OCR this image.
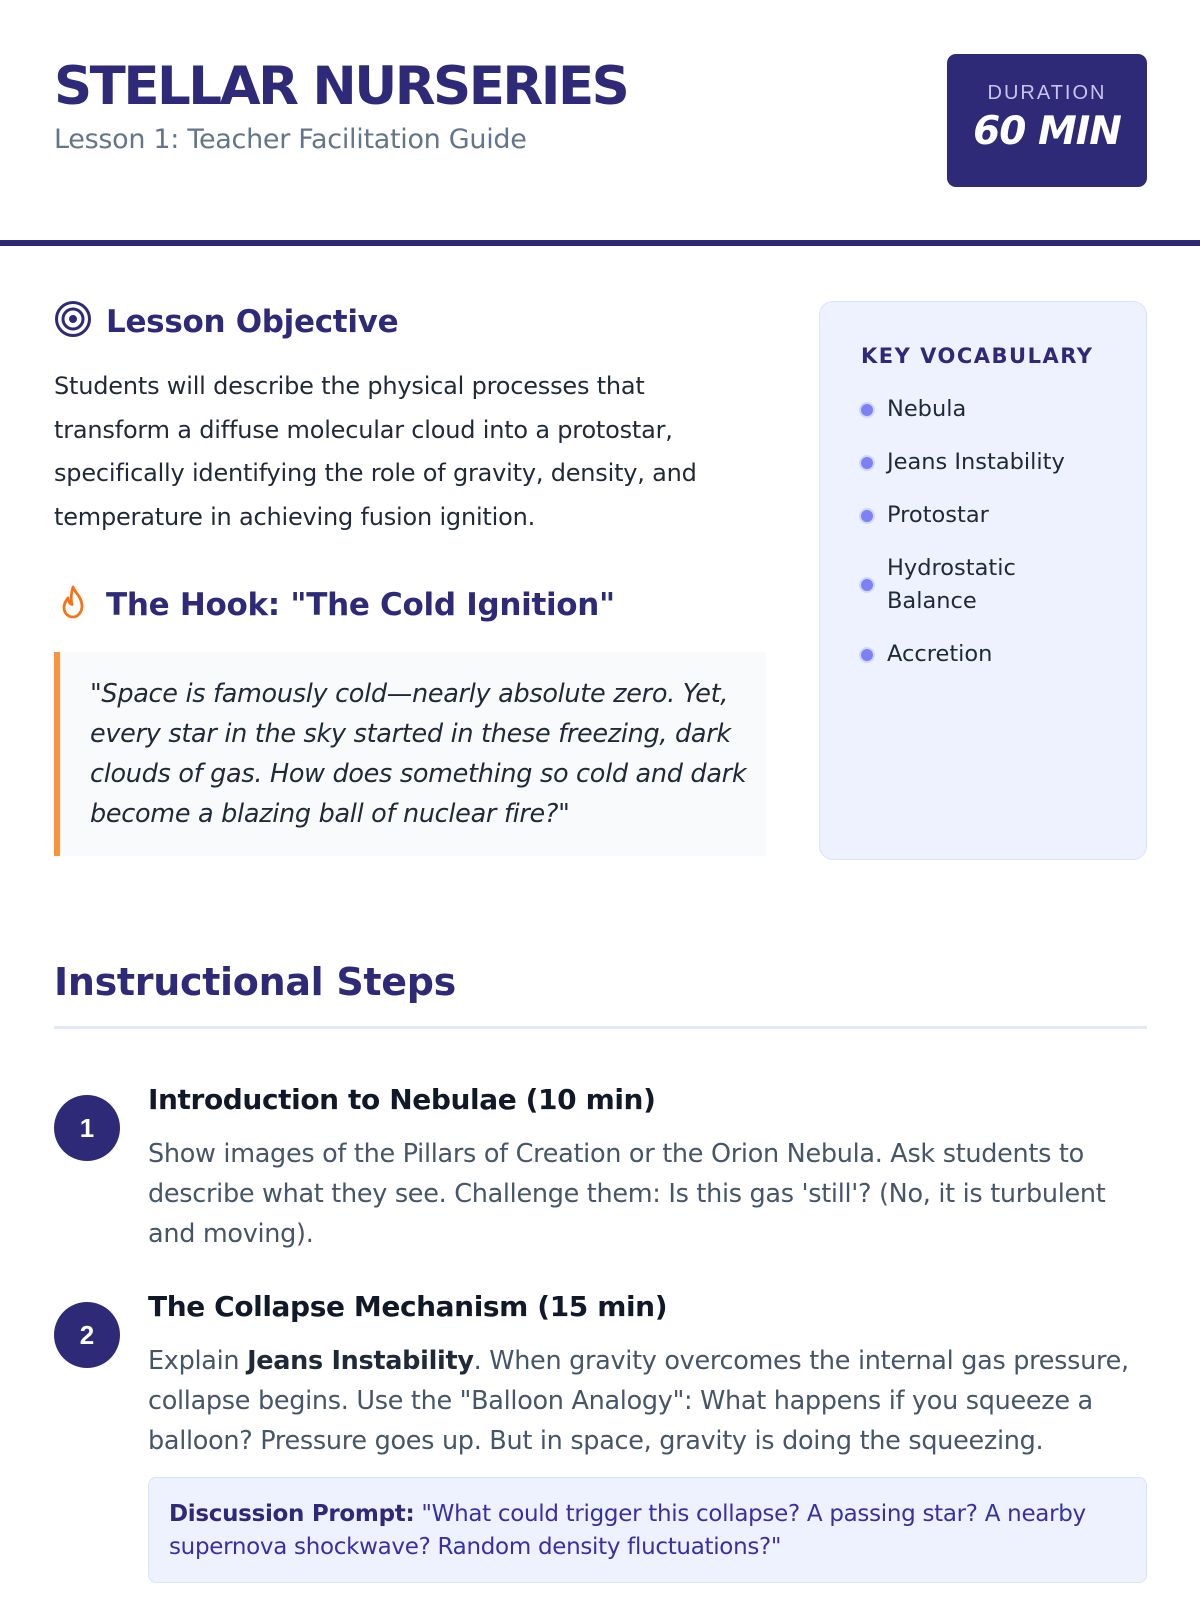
STELLAR NURSERIES
Lesson 1: Teacher Facilitation Guide
DURATION
60 MIN
Lesson Objective

Students will describe the physical processes that transform a diffuse molecular cloud into a protostar, specifically identifying the role of gravity, density, and temperature in achieving fusion ignition.

The Hook: "The Cold Ignition"
"Space is famously cold—nearly absolute zero. Yet, every star in the sky started in these freezing, dark clouds of gas. How does something so cold and dark become a blazing ball of nuclear fire?"
KEY VOCABULARY
Nebula
Jeans Instability
Protostar
Hydrostatic Balance
Accretion
Instructional Steps
1
Introduction to Nebulae (10 min)

Show images of the Pillars of Creation or the Orion Nebula. Ask students to describe what they see. Challenge them: Is this gas 'still'? (No, it is turbulent and moving).

2
The Collapse Mechanism (15 min)

Explain Jeans Instability. When gravity overcomes the internal gas pressure, collapse begins. Use the "Balloon Analogy": What happens if you squeeze a balloon? Pressure goes up. But in space, gravity is doing the squeezing.

Discussion Prompt: "What could trigger this collapse? A passing star? A nearby supernova shockwave? Random density fluctuations?"
